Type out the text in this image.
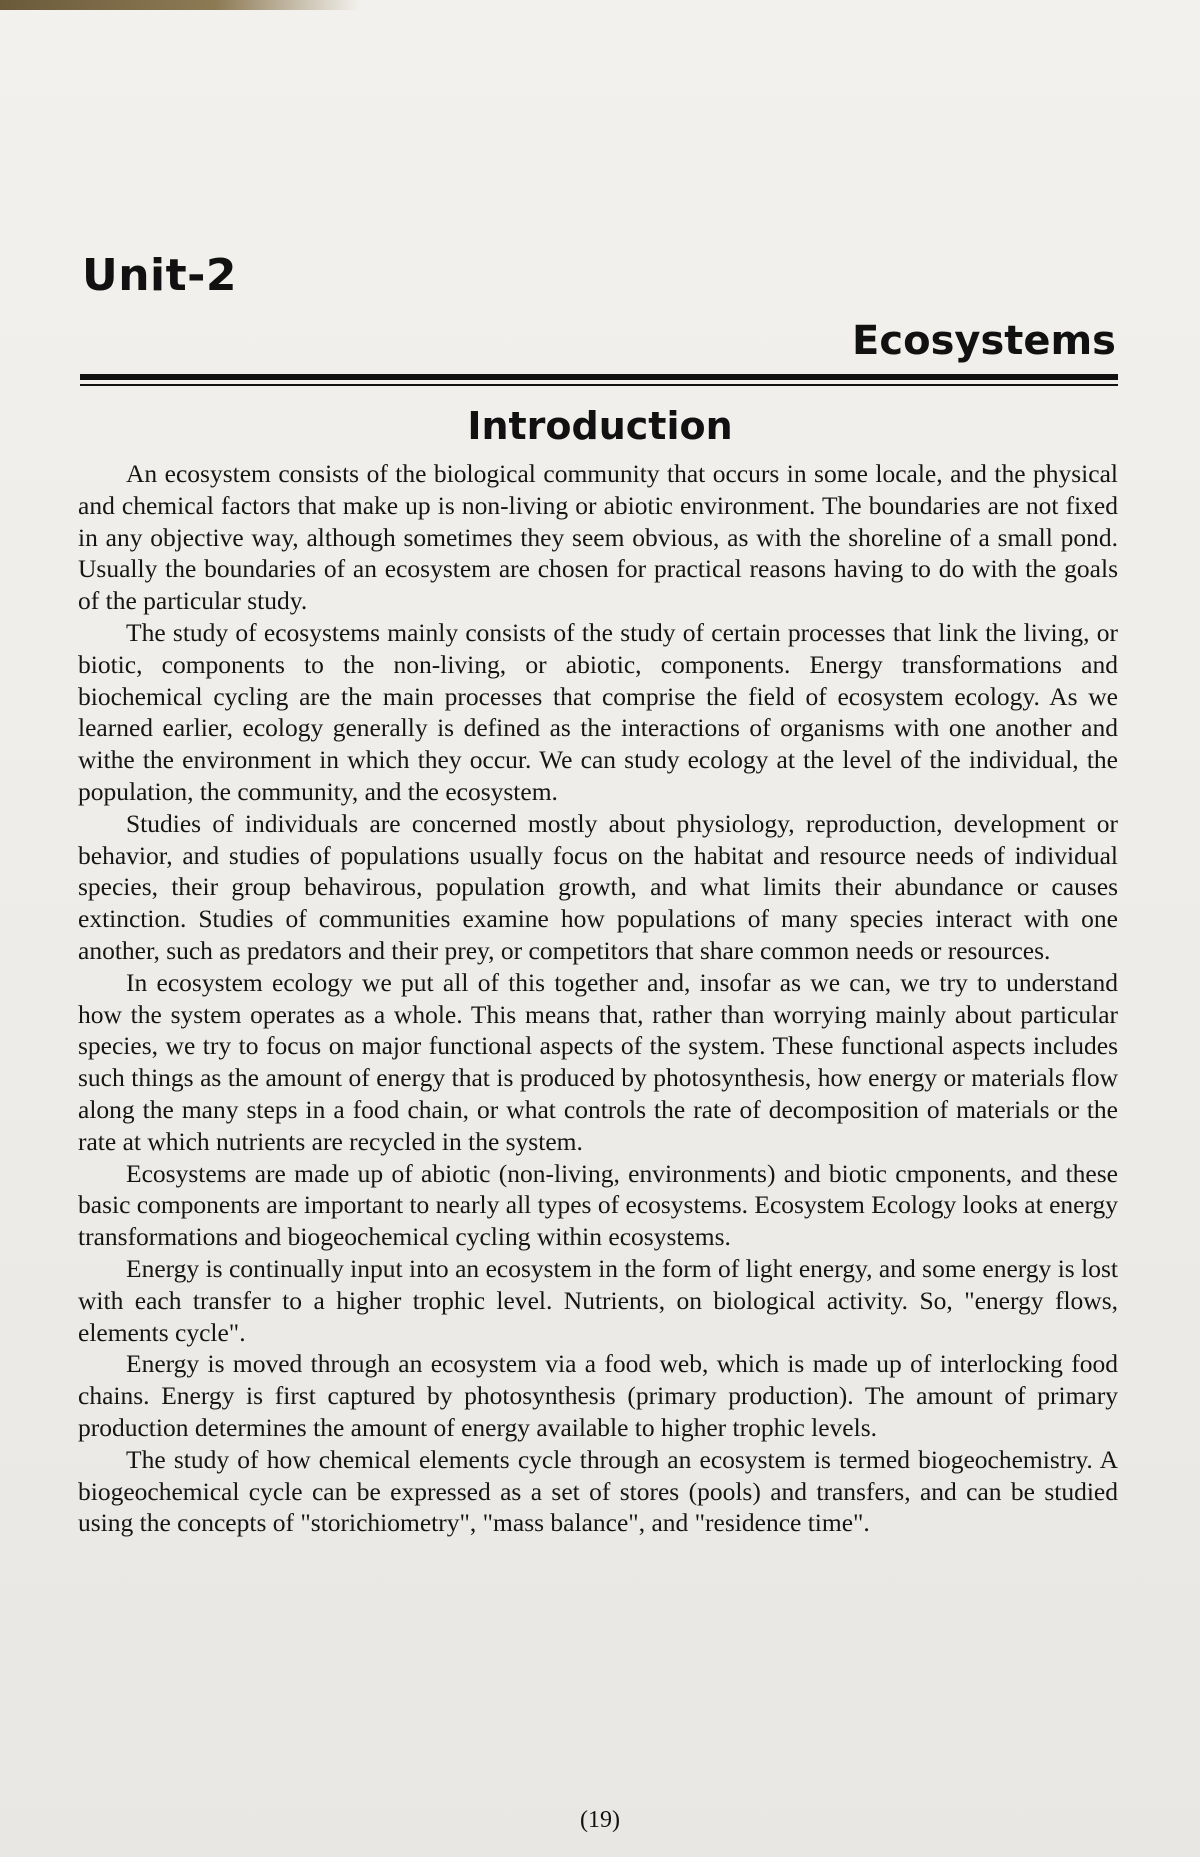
Unit-2
Ecosystems
Introduction

An ecosystem consists of the biological community that occurs in some locale, and the physical and chemical factors that make up is non-living or abiotic environment. The boundaries are not fixed in any objective way, although sometimes they seem obvious, as with the shoreline of a small pond. Usually the boundaries of an ecosystem are chosen for practical reasons having to do with the goals of the particular study.

The study of ecosystems mainly consists of the study of certain processes that link the living, or biotic, components to the non-living, or abiotic, components. Energy transformations and biochemical cycling are the main processes that comprise the field of ecosystem ecology. As we learned earlier, ecology generally is defined as the interactions of organisms with one another and withe the environment in which they occur. We can study ecology at the level of the individual, the population, the community, and the ecosystem.

Studies of individuals are concerned mostly about physiology, reproduction, development or behavior, and studies of populations usually focus on the habitat and resource needs of individual species, their group behavirous, population growth, and what limits their abundance or causes extinction. Studies of communities examine how populations of many species interact with one another, such as predators and their prey, or competitors that share common needs or resources.

In ecosystem ecology we put all of this together and, insofar as we can, we try to understand how the system operates as a whole. This means that, rather than worrying mainly about particular species, we try to focus on major functional aspects of the system. These functional aspects includes such things as the amount of energy that is produced by photosynthesis, how energy or materials flow along the many steps in a food chain, or what controls the rate of decomposition of materials or the rate at which nutrients are recycled in the system.

Ecosystems are made up of abiotic (non-living, environments) and biotic cmponents, and these basic components are important to nearly all types of ecosystems. Ecosystem Ecology looks at energy transformations and biogeochemical cycling within ecosystems.

Energy is continually input into an ecosystem in the form of light energy, and some energy is lost with each transfer to a higher trophic level. Nutrients, on biological activity. So, "energy flows, elements cycle".

Energy is moved through an ecosystem via a food web, which is made up of interlocking food chains. Energy is first captured by photosynthesis (primary production). The amount of primary production determines the amount of energy available to higher trophic levels.

The study of how chemical elements cycle through an ecosystem is termed biogeochemistry. A biogeochemical cycle can be expressed as a set of stores (pools) and transfers, and can be studied using the concepts of "storichiometry", "mass balance", and "residence time".

(19)
